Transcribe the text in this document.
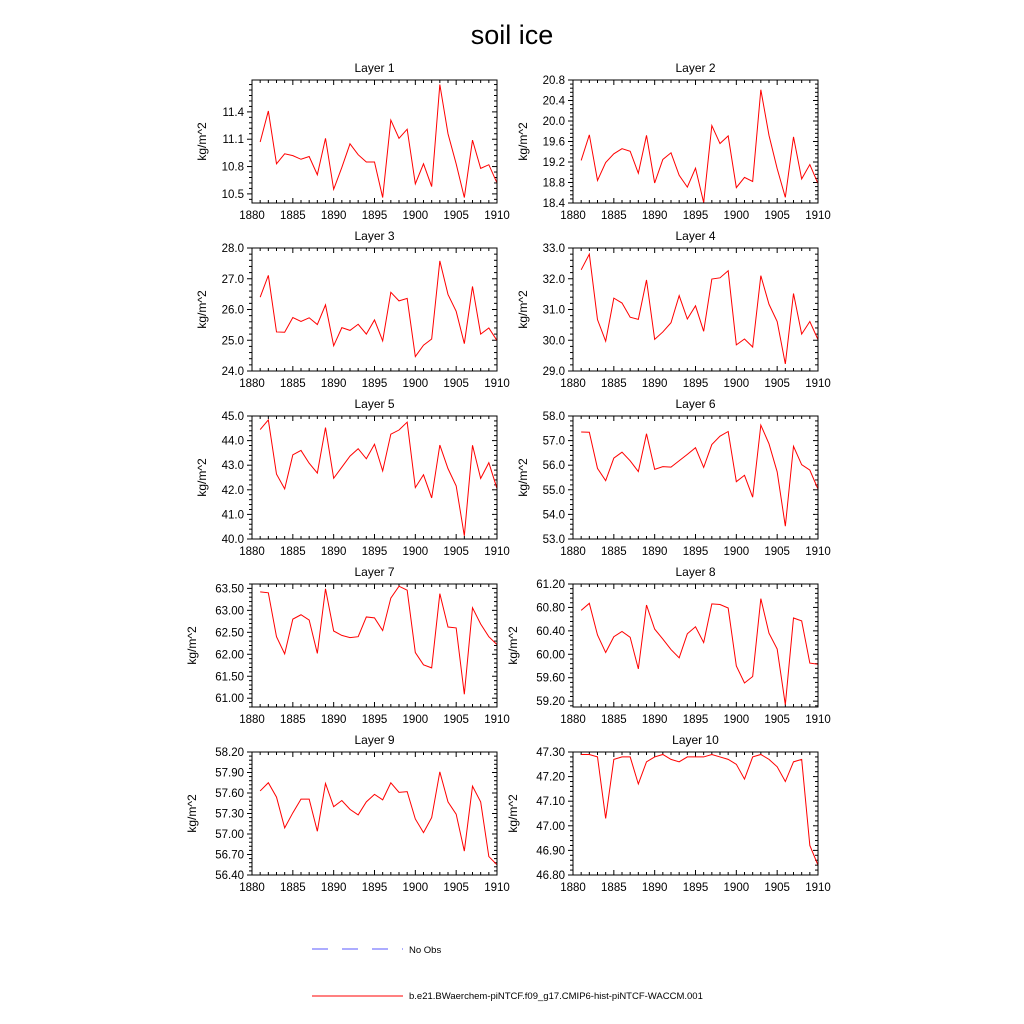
soil ice
Layer 1
1880 1885 1890 1895 1900 1905 1910
10.5
10.8
11.1
11.4
kg/m^2
Layer 2
1880 1885 1890 1895 1900 1905 1910
18.4
18.8
19.2
19.6
20.0
20.4
20.8
kg/m^2
Layer 3
1880 1885 1890 1895 1900 1905 1910
24.0
25.0
26.0
27.0
28.0
kg/m^2
Layer 4
1880 1885 1890 1895 1900 1905 1910
29.0
30.0
31.0
32.0
33.0
kg/m^2
Layer 5
1880 1885 1890 1895 1900 1905 1910
40.0
41.0
42.0
43.0
44.0
45.0
kg/m^2
Layer 6
1880 1885 1890 1895 1900 1905 1910
53.0
54.0
55.0
56.0
57.0
58.0
kg/m^2
Layer 7
1880 1885 1890 1895 1900 1905 1910
61.00
61.50
62.00
62.50
63.00
63.50
kg/m^2
Layer 8
1880 1885 1890 1895 1900 1905 1910
59.20
59.60
60.00
60.40
60.80
61.20
kg/m^2
Layer 9
1880 1885 1890 1895 1900 1905 1910
56.40
56.70
57.00
57.30
57.60
57.90
58.20
kg/m^2
Layer 10
1880 1885 1890 1895 1900 1905 1910
46.80
46.90
47.00
47.10
47.20
47.30
kg/m^2
No Obs
b.e21.BWaerchem-piNTCF.f09_g17.CMIP6-hist-piNTCF-WACCM.001
